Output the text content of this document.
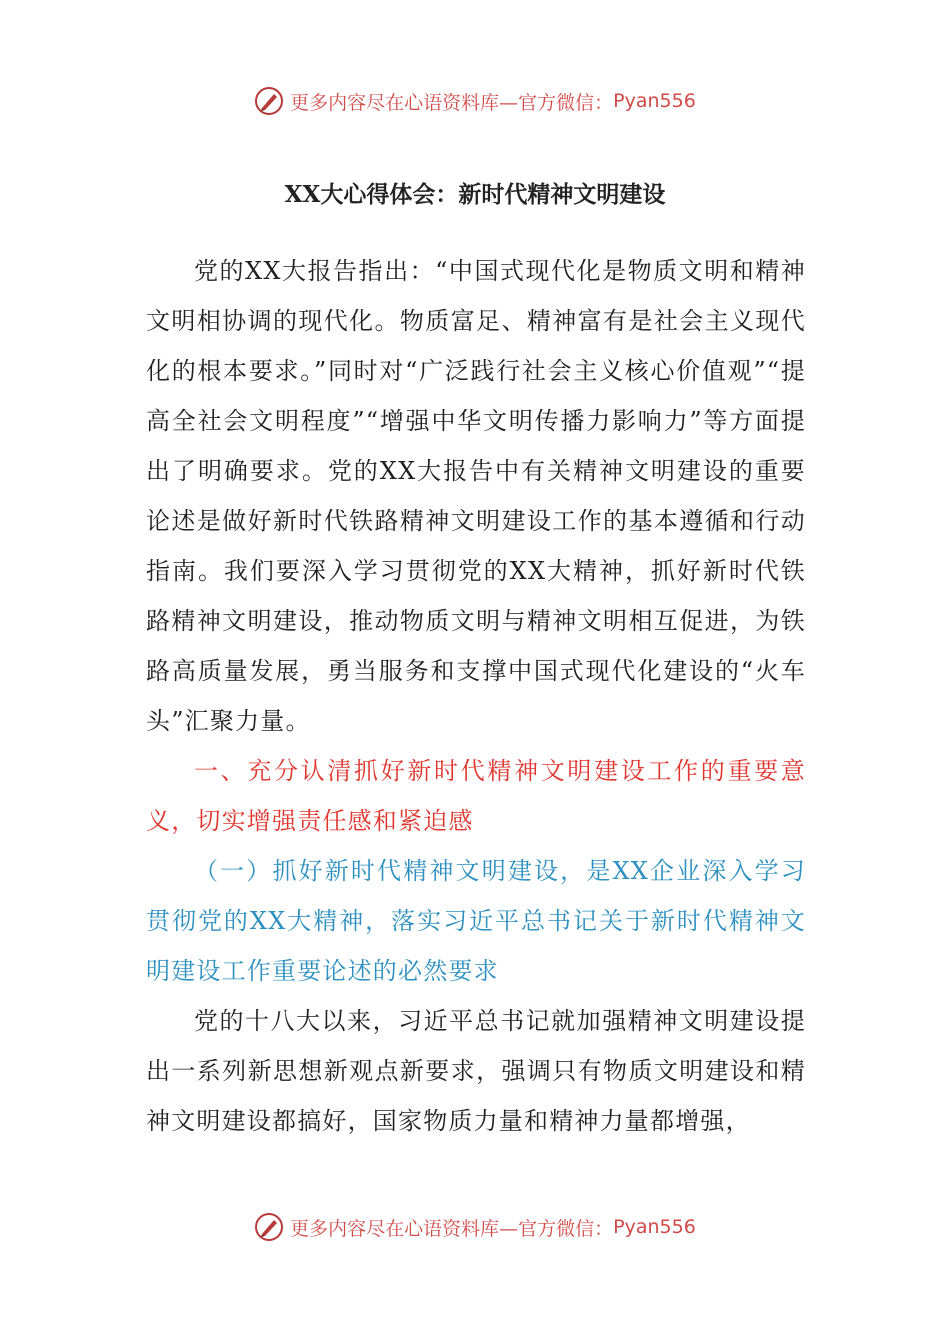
更多内容尽在心语资料库—官方微信： Pyan556
XX大心得体会：新时代精神文明建设

党的XX大报告指出：“中国式现代化是物质文明和精神文明相协调的现代化。物质富足、精神富有是社会主义现代化的根本要求。”同时对“广泛践行社会主义核心价值观”“提高全社会文明程度”“增强中华文明传播力影响力”等方面提出了明确要求。党的XX大报告中有关精神文明建设的重要论述是做好新时代铁路精神文明建设工作的基本遵循和行动指南。我们要深入学习贯彻党的XX大精神，抓好新时代铁路精神文明建设，推动物质文明与精神文明相互促进，为铁路高质量发展，勇当服务和支撑中国式现代化建设的“火车头”汇聚力量。

一、充分认清抓好新时代精神文明建设工作的重要意义，切实增强责任感和紧迫感

（一）抓好新时代精神文明建设，是XX企业深入学习贯彻党的XX大精神，落实习近平总书记关于新时代精神文明建设工作重要论述的必然要求

党的十八大以来，习近平总书记就加强精神文明建设提出一系列新思想新观点新要求，强调只有物质文明建设和精神文明建设都搞好，国家物质力量和精神力量都增强，

更多内容尽在心语资料库—官方微信： Pyan556
